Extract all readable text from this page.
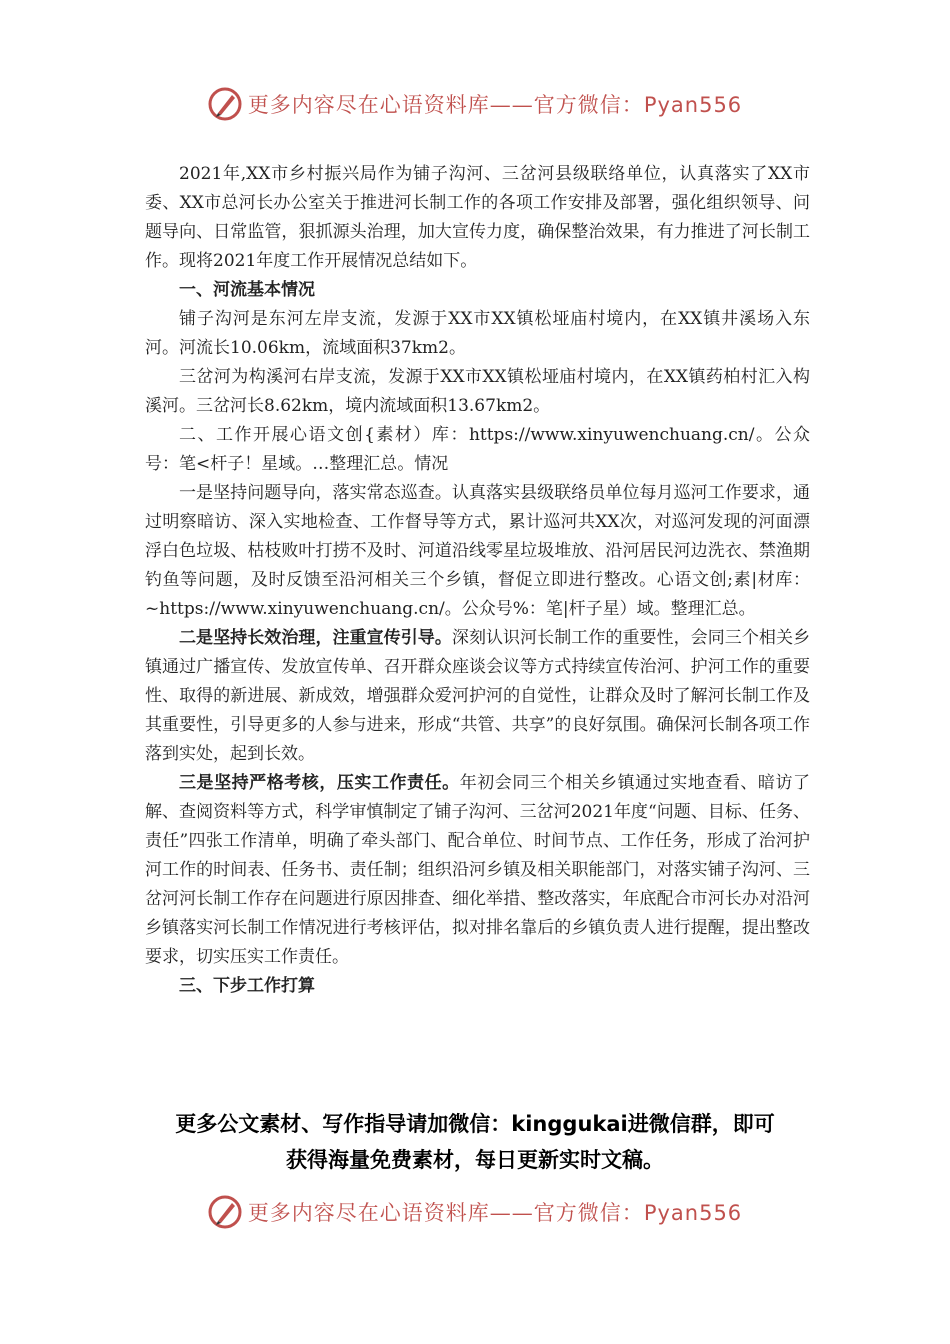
更多内容尽在心语资料库——官方微信：Pyan556

2021年,XX市乡村振兴局作为铺子沟河、三岔河县级联络单位，认真落实了XX市委、XX市总河长办公室关于推进河长制工作的各项工作安排及部署，强化组织领导、问题导向、日常监管，狠抓源头治理，加大宣传力度，确保整治效果，有力推进了河长制工作。现将2021年度工作开展情况总结如下。

一、河流基本情况

铺子沟河是东河左岸支流，发源于XX市XX镇松垭庙村境内，在XX镇井溪场入东河。河流长10.06km，流域面积37km2。

三岔河为构溪河右岸支流，发源于XX市XX镇松垭庙村境内，在XX镇药柏村汇入构溪河。三岔河长8.62km，境内流域面积13.67km2。

二、工作开展心语文创{素材）库：https://www.xinyuwenchuang.cn/。公众号：笔<杆子！星域。…整理汇总。情况

一是坚持问题导向，落实常态巡查。认真落实县级联络员单位每月巡河工作要求，通过明察暗访、深入实地检查、工作督导等方式，累计巡河共XX次，对巡河发现的河面漂浮白色垃圾、枯枝败叶打捞不及时、河道沿线零星垃圾堆放、沿河居民河边洗衣、禁渔期钓鱼等问题，及时反馈至沿河相关三个乡镇，督促立即进行整改。心语文创;素|材库：~https://www.xinyuwenchuang.cn/。公众号%：笔|杆子星）域。整理汇总。

二是坚持长效治理，注重宣传引导。深刻认识河长制工作的重要性，会同三个相关乡镇通过广播宣传、发放宣传单、召开群众座谈会议等方式持续宣传治河、护河工作的重要性、取得的新进展、新成效，增强群众爱河护河的自觉性，让群众及时了解河长制工作及其重要性，引导更多的人参与进来，形成“共管、共享”的良好氛围。确保河长制各项工作落到实处，起到长效。

三是坚持严格考核，压实工作责任。年初会同三个相关乡镇通过实地查看、暗访了解、查阅资料等方式，科学审慎制定了铺子沟河、三岔河2021年度“问题、目标、任务、责任”四张工作清单，明确了牵头部门、配合单位、时间节点、工作任务，形成了治河护河工作的时间表、任务书、责任制；组织沿河乡镇及相关职能部门，对落实铺子沟河、三岔河河长制工作存在问题进行原因排查、细化举措、整改落实，年底配合市河长办对沿河乡镇落实河长制工作情况进行考核评估，拟对排名靠后的乡镇负责人进行提醒，提出整改要求，切实压实工作责任。

三、下步工作打算

更多公文素材、写作指导请加微信：kinggukai进微信群，即可
获得海量免费素材，每日更新实时文稿。
更多内容尽在心语资料库——官方微信：Pyan556
